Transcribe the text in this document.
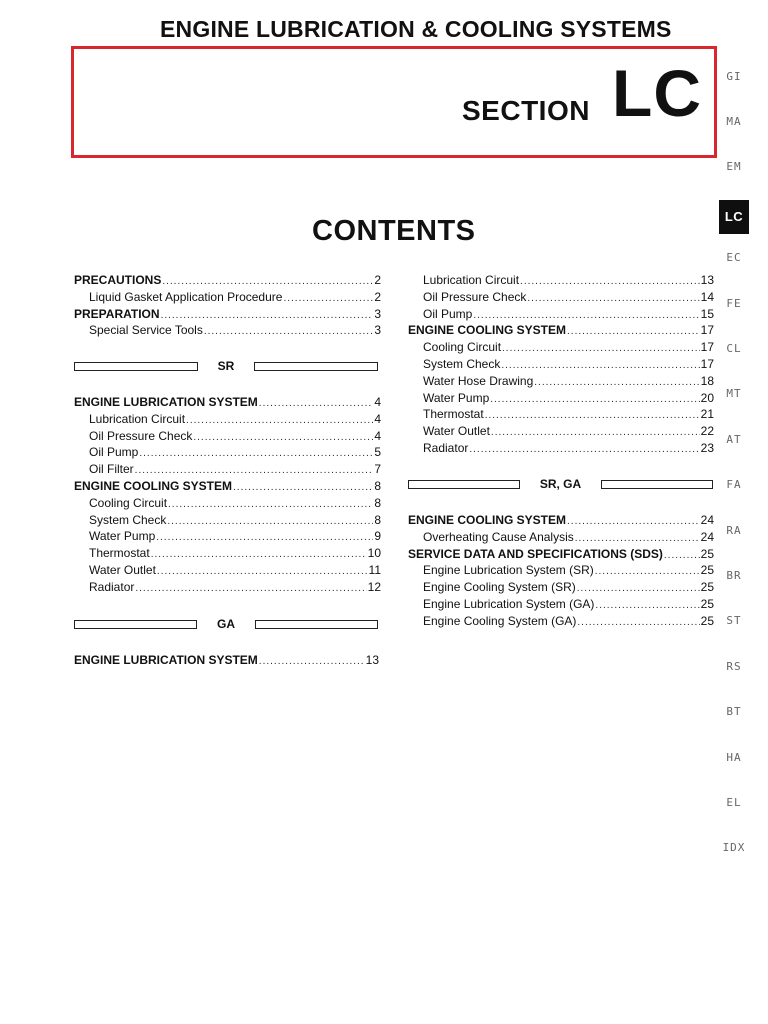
ENGINE LUBRICATION & COOLING SYSTEMS
SECTION LC
CONTENTS
PRECAUTIONS .....	2
Liquid Gasket Application Procedure .....	2
PREPARATION .....	3
Special Service Tools .....	3
SR
ENGINE LUBRICATION SYSTEM .....	4
Lubrication Circuit .....	4
Oil Pressure Check .....	4
Oil Pump .....	5
Oil Filter .....	7
ENGINE COOLING SYSTEM .....	8
Cooling Circuit .....	8
System Check .....	8
Water Pump .....	9
Thermostat .....	10
Water Outlet .....	11
Radiator .....	12
GA
ENGINE LUBRICATION SYSTEM .....	13
Lubrication Circuit .....	13
Oil Pressure Check .....	14
Oil Pump .....	15
ENGINE COOLING SYSTEM .....	17
Cooling Circuit .....	17
System Check .....	17
Water Hose Drawing .....	18
Water Pump .....	20
Thermostat .....	21
Water Outlet .....	22
Radiator .....	23
SR, GA
ENGINE COOLING SYSTEM .....	24
Overheating Cause Analysis .....	24
SERVICE DATA AND SPECIFICATIONS (SDS) .....	25
Engine Lubrication System (SR) .....	25
Engine Cooling System (SR) .....	25
Engine Lubrication System (GA) .....	25
Engine Cooling System (GA) .....	25
GI
MA
EM
LC
EC
FE
CL
MT
AT
FA
RA
BR
ST
RS
BT
HA
EL
IDX
